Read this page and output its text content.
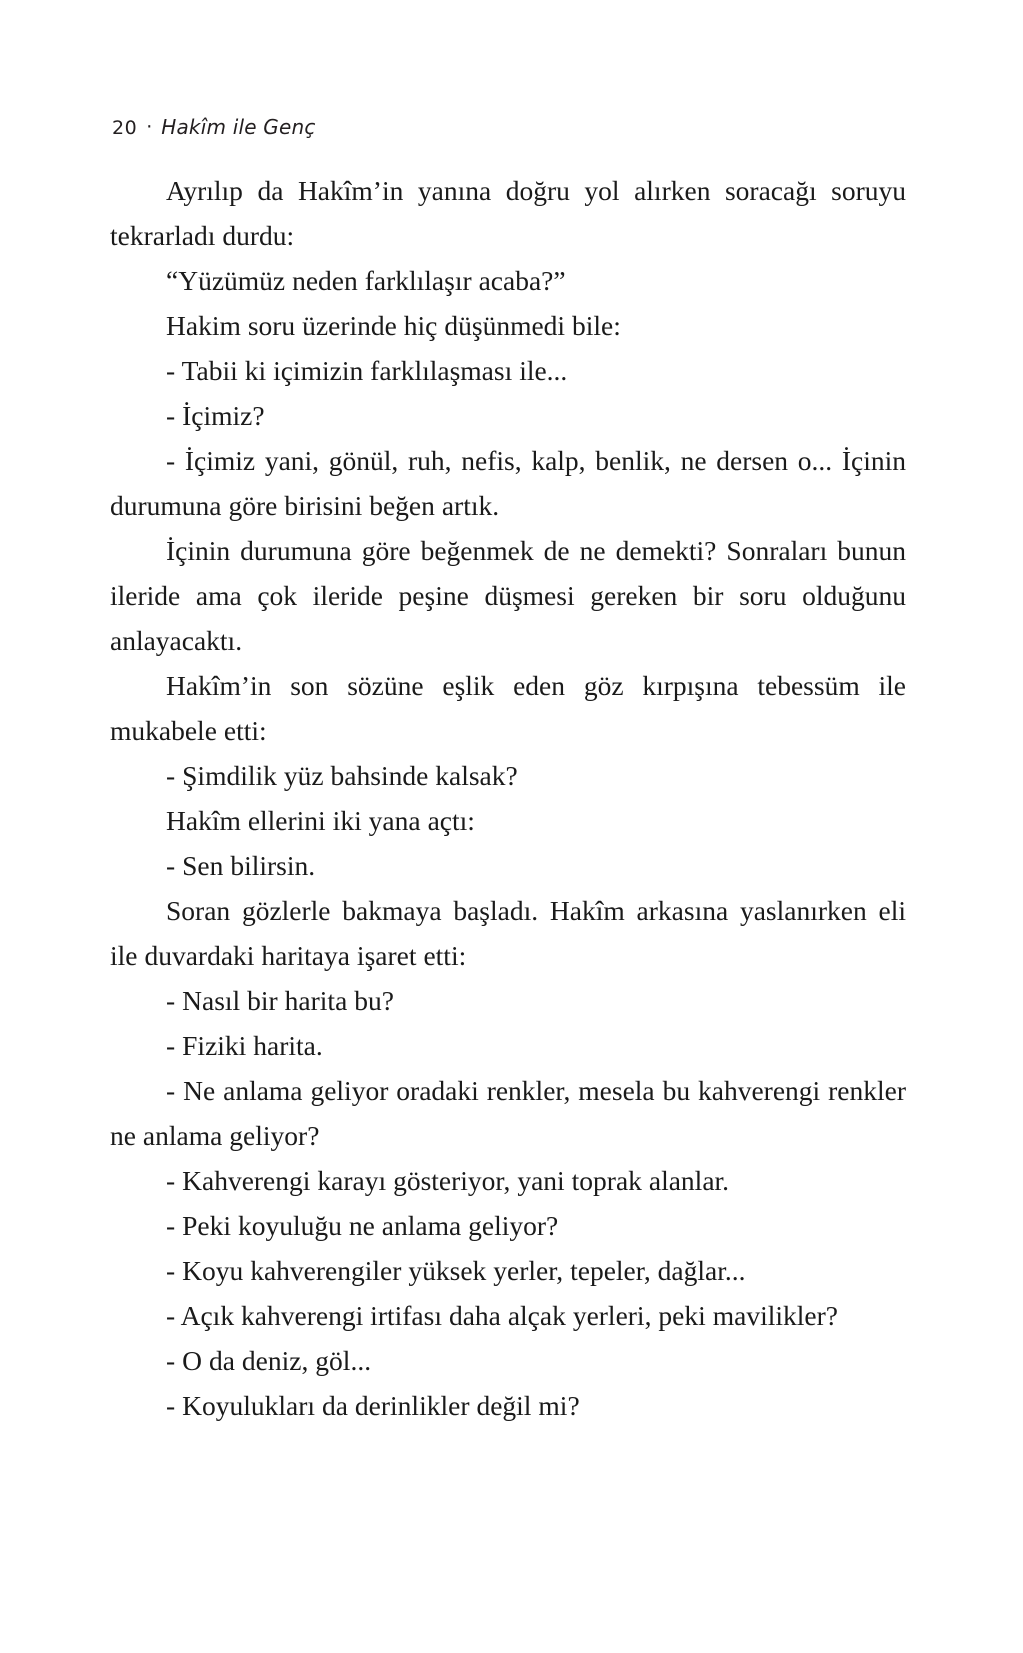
20 · Hakîm ile Genç

Ayrılıp da Hakîm’in yanına doğru yol alırken soracağı soruyu tekrarladı durdu:

“Yüzümüz neden farklılaşır acaba?”

Hakim soru üzerinde hiç düşünmedi bile:

- Tabii ki içimizin farklılaşması ile...

- İçimiz?

- İçimiz yani, gönül, ruh, nefis, kalp, benlik, ne dersen o... İçinin durumuna göre birisini beğen artık.

İçinin durumuna göre beğenmek de ne demekti? Sonraları bunun ileride ama çok ileride peşine düşmesi gereken bir soru olduğunu anlayacaktı.

Hakîm’in son sözüne eşlik eden göz kırpışına tebessüm ile mukabele etti:

- Şimdilik yüz bahsinde kalsak?

Hakîm ellerini iki yana açtı:

- Sen bilirsin.

Soran gözlerle bakmaya başladı. Hakîm arkasına yaslanırken eli ile duvardaki haritaya işaret etti:

- Nasıl bir harita bu?

- Fiziki harita.

- Ne anlama geliyor oradaki renkler, mesela bu kahverengi renkler ne anlama geliyor?

- Kahverengi karayı gösteriyor, yani toprak alanlar.

- Peki koyuluğu ne anlama geliyor?

- Koyu kahverengiler yüksek yerler, tepeler, dağlar...

- Açık kahverengi irtifası daha alçak yerleri, peki mavilikler?

- O da deniz, göl...

- Koyulukları da derinlikler değil mi?
